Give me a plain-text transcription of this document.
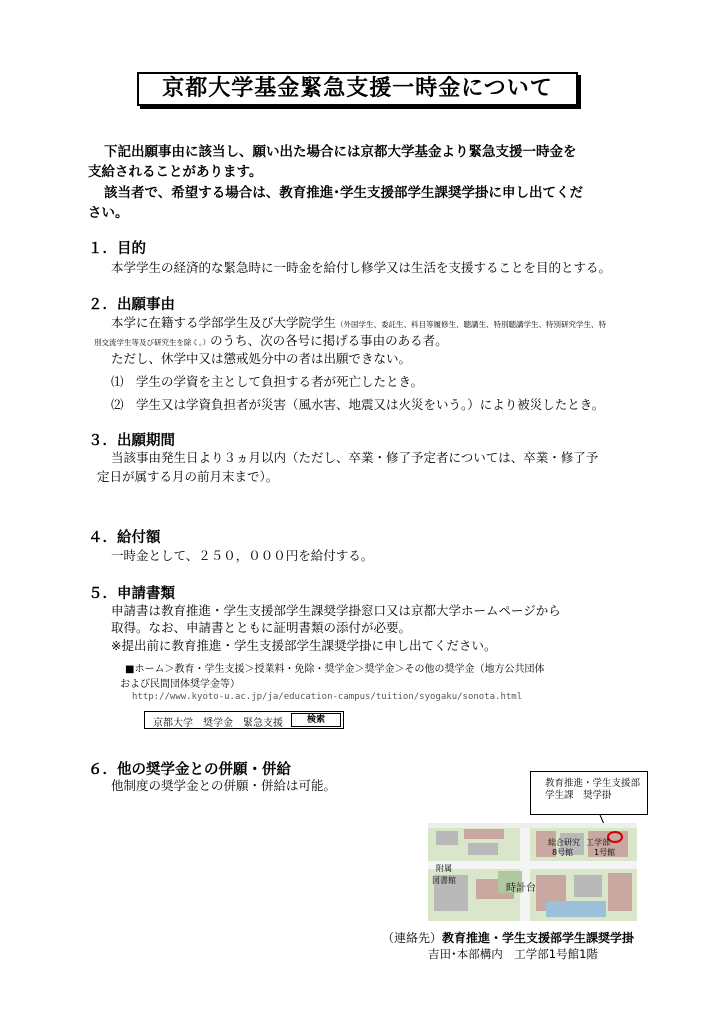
京都大学基金緊急支援一時金について
下記出願事由に該当し、願い出た場合には京都大学基金より緊急支援一時金を
支給されることがあります。
該当者で、希望する場合は、教育推進･学生支援部学生課奨学掛に申し出てくだ
さい。
１．目的
本学学生の経済的な緊急時に一時金を給付し修学又は生活を支援することを目的とする。
２．出願事由
本学に在籍する学部学生及び大学院学生（外国学生、委託生、科目等履修生、聴講生、特別聴講学生、特別研究学生、特
別交流学生等及び研究生を除く。）のうち、次の各号に掲げる事由のある者。
ただし、休学中又は懲戒処分中の者は出願できない。
⑴　学生の学資を主として負担する者が死亡したとき。
⑵　学生又は学資負担者が災害（風水害、地震又は火災をいう。）により被災したとき。
３．出願期間
当該事由発生日より３ヵ月以内（ただし、卒業・修了予定者については、卒業・修了予
定日が属する月の前月末まで）。
４．給付額
一時金として、２５０，０００円を給付する。
５．申請書類
申請書は教育推進・学生支援部学生課奨学掛窓口又は京都大学ホームページから
取得。なお、申請書とともに証明書類の添付が必要。
※提出前に教育推進・学生支援部学生課奨学掛に申し出てください。
■ホーム＞教育・学生支援＞授業料・免除・奨学金＞奨学金＞その他の奨学金（地方公共団体
および民間団体奨学金等）
http://www.kyoto-u.ac.jp/ja/education-campus/tuition/syogaku/sonota.html
京都大学　奨学金　緊急支援	検索
６．他の奨学金との併願・併給
他制度の奨学金との併願・併給は可能。	教育推進・学生支援部
学生課　奨学掛
総合研究
8号館
工学部
1号館
附属
図書館
時計台
（連絡先）教育推進・学生支援部学生課奨学掛
吉田･本部構内　工学部1号館1階
